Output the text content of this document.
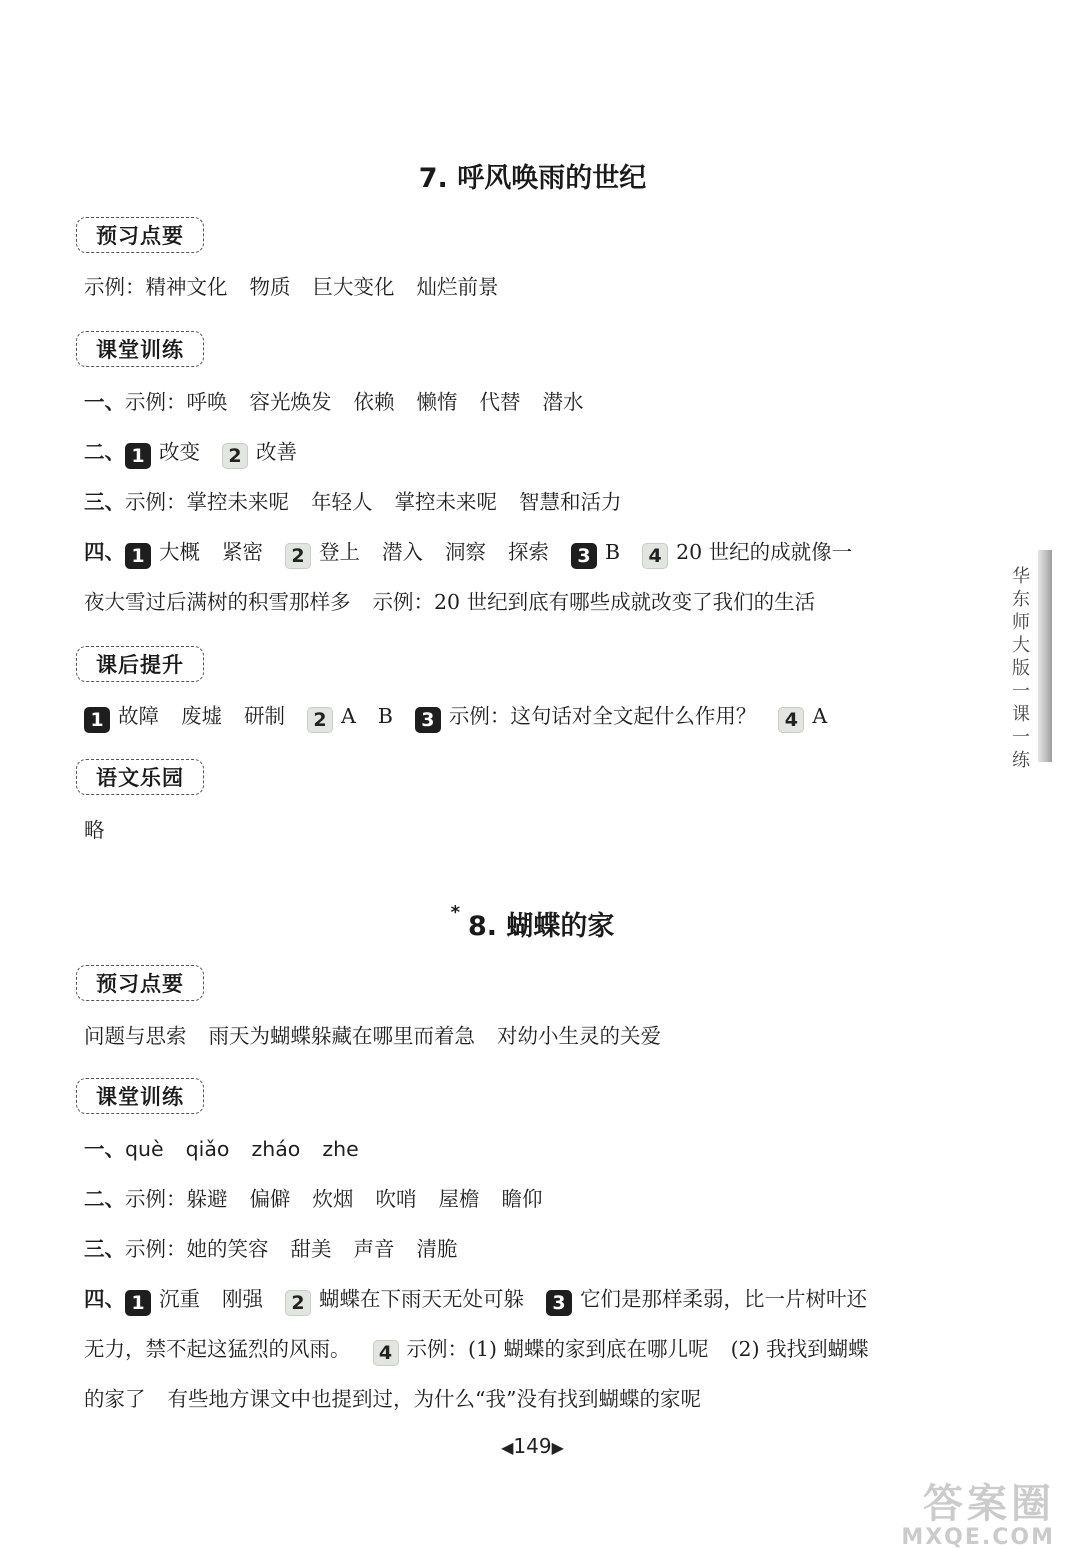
7. 呼风唤雨的世纪
预习点要
示例：精神文化 物质 巨大变化 灿烂前景
课堂训练
一、示例：呼唤 容光焕发 依赖 懒惰 代替 潜水
二、 1 改变 2 改善
三、示例：掌控未来呢 年轻人 掌控未来呢 智慧和活力
四、 1 大概 紧密 2 登上 潜入 洞察 探索 3 B 4 20 世纪的成就像一
夜大雪过后满树的积雪那样多 示例：20 世纪到底有哪些成就改变了我们的生活
课后提升
1 故障 废墟 研制 2 A B 3 示例：这句话对全文起什么作用？ 4 A
语文乐园
略
* 8. 蝴蝶的家
预习点要
问题与思索 雨天为蝴蝶躲藏在哪里而着急 对幼小生灵的关爱
课堂训练
一、què qiǎo zháo zhe
二、示例：躲避 偏僻 炊烟 吹哨 屋檐 瞻仰
三、示例：她的笑容 甜美 声音 清脆
四、 1 沉重 刚强 2 蝴蝶在下雨天无处可躲 3 它们是那样柔弱，比一片树叶还
无力，禁不起这猛烈的风雨。 4 示例：(1) 蝴蝶的家到底在哪儿呢 (2) 我找到蝴蝶
的家了 有些地方课文中也提到过，为什么“我”没有找到蝴蝶的家呢
华东师大版一课一练
◀149▶
答案圈
MXQE.COM
